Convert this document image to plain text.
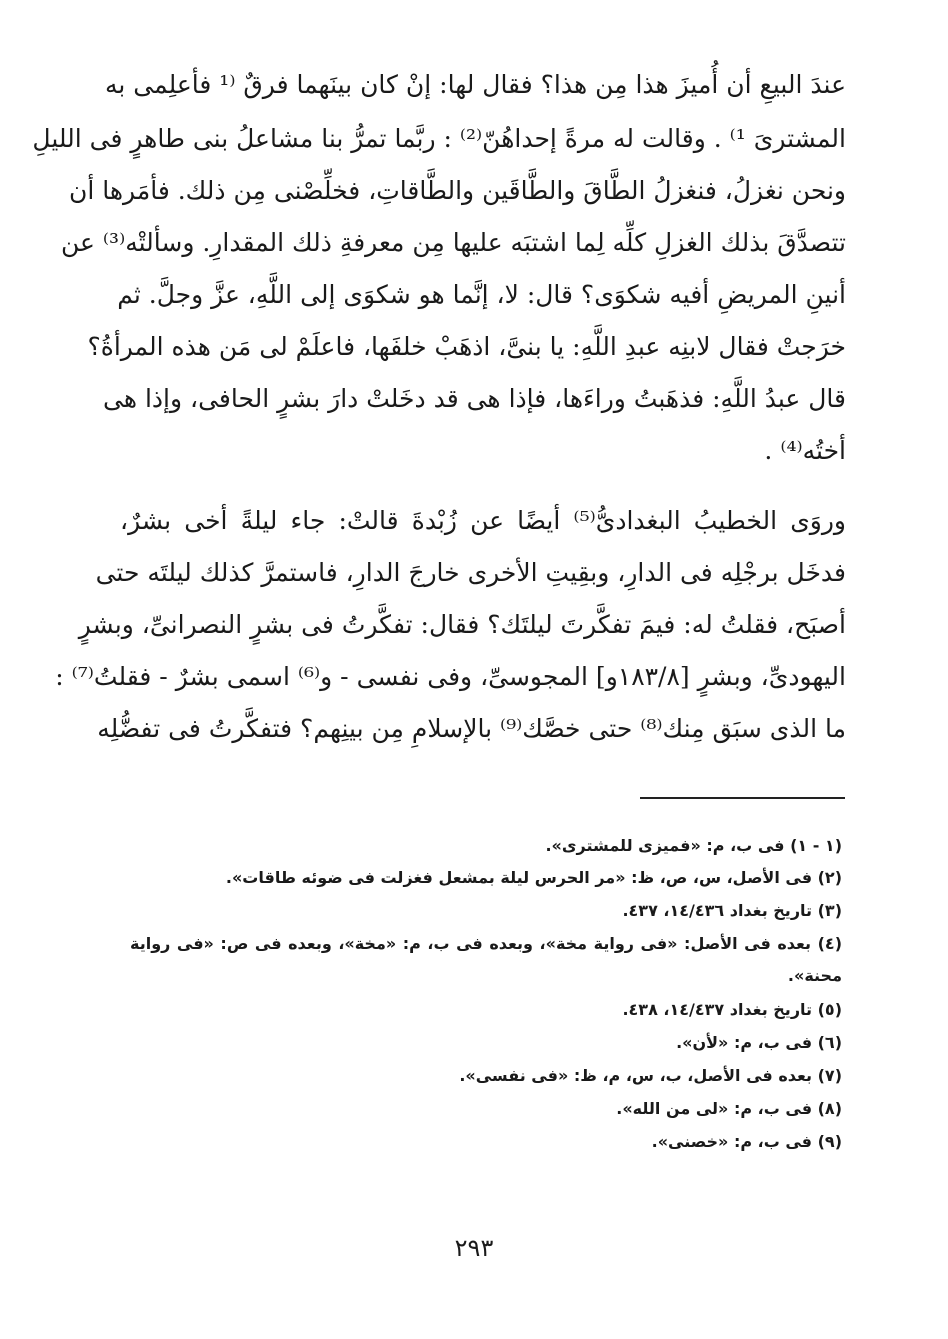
عندَ البيعِ أن أُميزَ هذا مِن هذا؟ فقال لها: إنْ كان بينَهما فرقٌ ⁽¹ فأعلِمى به
المشترىَ ¹⁾ . وقالت له مرةً إحداهُنّ⁽²⁾ : ربَّما تمرُّ بنا مشاعلُ بنى طاهرٍ فى الليلِ
ونحن نغزلُ، فنغزلُ الطَّاقَ والطَّاقَين والطَّاقاتِ، فخلِّصْنى مِن ذلك. فأمَرها أن
تتصدَّقَ بذلك الغزلِ كلِّه لِما اشتبَه عليها مِن معرفةِ ذلك المقدارِ. وسألتْه⁽³⁾ عن
أنينِ المريضِ أفيه شكوَى؟ قال: لا، إنَّما هو شكوَى إلى اللَّهِ، عزَّ وجلَّ. ثم
خرَجتْ فقال لابنِه عبدِ اللَّهِ: يا بنىَّ، اذهَبْ خلفَها، فاعلَمْ لى مَن هذه المرأةُ؟
قال عبدُ اللَّهِ: فذهَبتُ وراءَها، فإذا هى قد دخَلتْ دارَ بشرٍ الحافى، وإذا هى
أختُه⁽⁴⁾ .
وروَى الخطيبُ البغدادىُّ⁽⁵⁾ أيضًا عن زُبْدةَ قالتْ: جاء ليلةً أخى بشرٌ،
فدخَل برجْلِه فى الدارِ، وبقِيتِ الأخرى خارجَ الدارِ، فاستمرَّ كذلك ليلتَه حتى
أصبَح، فقلتُ له: فيمَ تفكَّرتَ ليلتَك؟ فقال: تفكَّرتُ فى بشرٍ النصرانىِّ، وبشرٍ
اليهودىِّ، وبشرٍ [١٨٣/٨و] المجوسىِّ، وفى نفسى - و⁽⁶⁾ اسمى بشرٌ - فقلتُ⁽⁷⁾ :
ما الذى سبَق مِنك⁽⁸⁾ حتى خصَّك⁽⁹⁾ بالإسلامِ مِن بينِهم؟ فتفكَّرتُ فى تفضُّلِه
(١ - ١) فى ب، م: «فميزى للمشترى».
(٢) فى الأصل، س، ص، ظ: «مر الحرس ليلة بمشعل فغزلت فى ضوئه طاقات».
(٣) تاريخ بغداد ١٤/٤٣٦، ٤٣٧.
(٤) بعده فى الأصل: «فى رواية مخة»، وبعده فى ب، م: «مخة»، وبعده فى ص: «فى رواية
محنة».
(٥) تاريخ بغداد ١٤/٤٣٧، ٤٣٨.
(٦) فى ب، م: «لأن».
(٧) بعده فى الأصل، ب، س، م، ظ: «فى نفسى».
(٨) فى ب، م: «لى من الله».
(٩) فى ب، م: «خصنى».
٢٩٣
